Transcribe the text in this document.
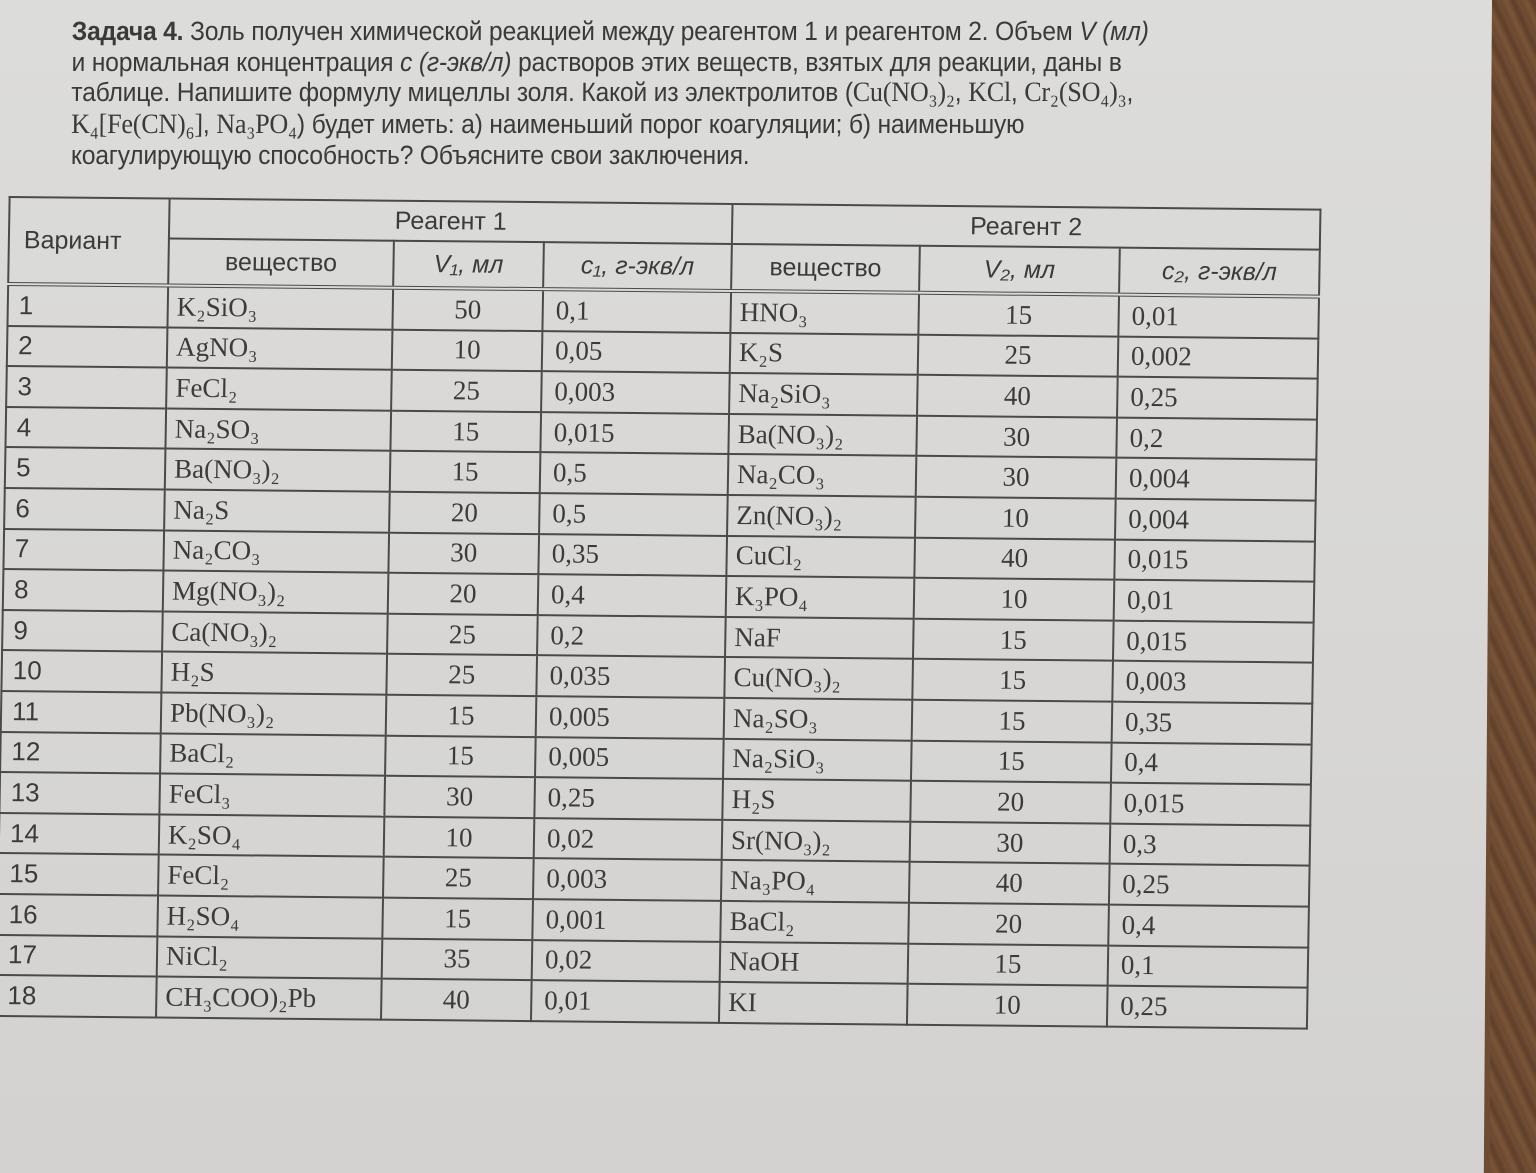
Задача 4. Золь получен химической реакцией между реагентом 1 и реагентом 2. Объем V (мл)
и нормальная концентрация c (г-экв/л) растворов этих веществ, взятых для реакции, даны в
таблице. Напишите формулу мицеллы золя. Какой из электролитов (Cu(NO₃)₂, KCl, Cr₂(SO₄)₃,
K₄[Fe(CN)₆], Na₃PO₄) будет иметь: а) наименьший порог коагуляции; б) наименьшую
коагулирующую способность? Объясните свои заключения.
Вариант	Реагент 1			Реагент 2		
	вещество	V₁, мл	c₁, г-экв/л	вещество	V₂, мл	c₂, г-экв/л
1	K₂SiO₃	50	0,1	HNO₃	15	0,01
2	AgNO₃	10	0,05	K₂S	25	0,002
3	FeCl₂	25	0,003	Na₂SiO₃	40	0,25
4	Na₂SO₃	15	0,015	Ba(NO₃)₂	30	0,2
5	Ba(NO₃)₂	15	0,5	Na₂CO₃	30	0,004
6	Na₂S	20	0,5	Zn(NO₃)₂	10	0,004
7	Na₂CO₃	30	0,35	CuCl₂	40	0,015
8	Mg(NO₃)₂	20	0,4	K₃PO₄	10	0,01
9	Ca(NO₃)₂	25	0,2	NaF	15	0,015
10	H₂S	25	0,035	Cu(NO₃)₂	15	0,003
11	Pb(NO₃)₂	15	0,005	Na₂SO₃	15	0,35
12	BaCl₂	15	0,005	Na₂SiO₃	15	0,4
13	FeCl₃	30	0,25	H₂S	20	0,015
14	K₂SO₄	10	0,02	Sr(NO₃)₂	30	0,3
15	FeCl₂	25	0,003	Na₃PO₄	40	0,25
16	H₂SO₄	15	0,001	BaCl₂	20	0,4
17	NiCl₂	35	0,02	NaOH	15	0,1
18	CH₃COO)₂Pb	40	0,01	KI	10	0,25
